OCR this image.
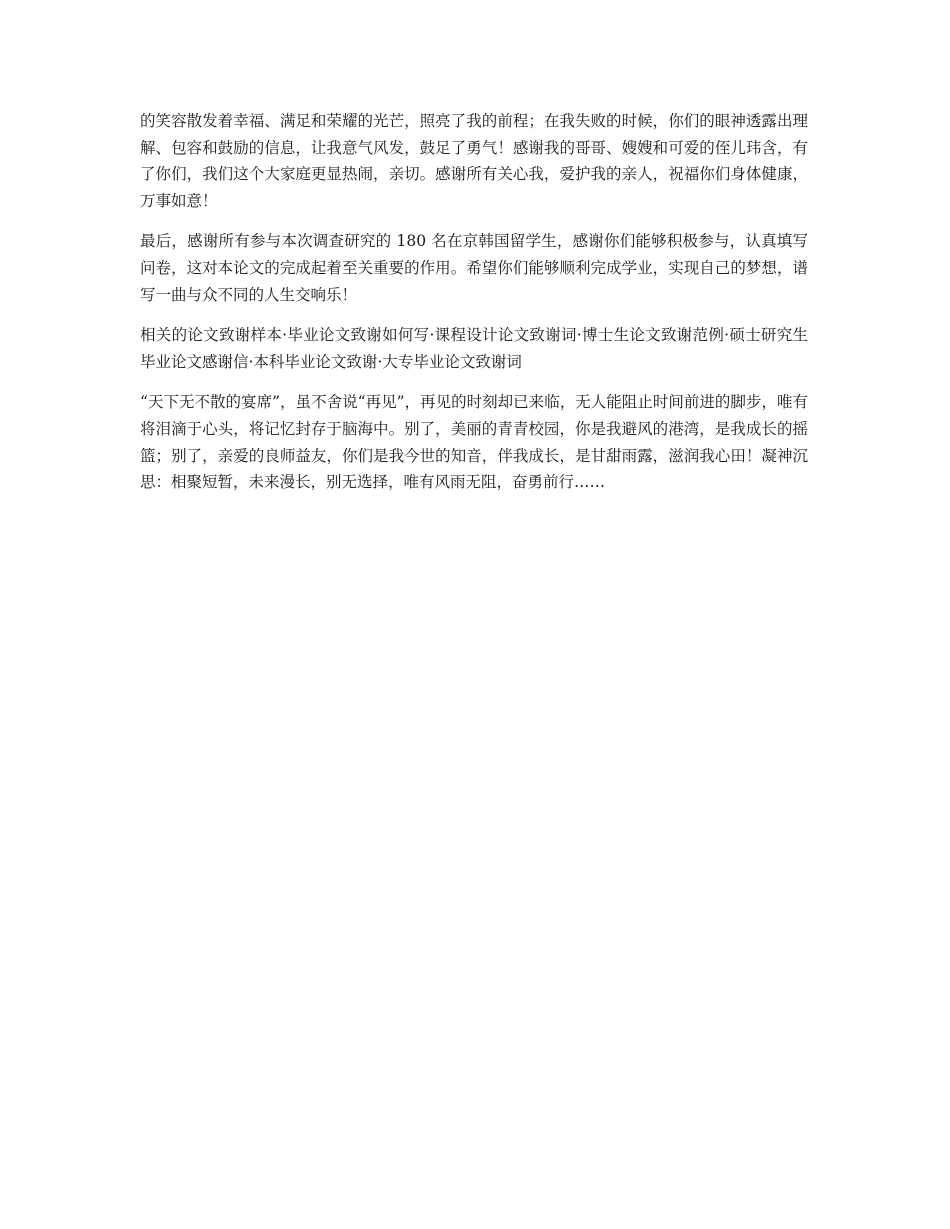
的笑容散发着幸福、满足和荣耀的光芒，照亮了我的前程；在我失败的时候，你们的眼神透露出理解、包容和鼓励的信息，让我意气风发，鼓足了勇气！感谢我的哥哥、嫂嫂和可爱的侄儿玮含，有了你们，我们这个大家庭更显热闹，亲切。感谢所有关心我，爱护我的亲人，祝福你们身体健康，万事如意！

最后，感谢所有参与本次调查研究的 180 名在京韩国留学生，感谢你们能够积极参与，认真填写问卷，这对本论文的完成起着至关重要的作用。希望你们能够顺利完成学业，实现自己的梦想，谱写一曲与众不同的人生交响乐！

相关的论文致谢样本·毕业论文致谢如何写·课程设计论文致谢词·博士生论文致谢范例·硕士研究生毕业论文感谢信·本科毕业论文致谢·大专毕业论文致谢词

“天下无不散的宴席”，虽不舍说“再见”，再见的时刻却已来临，无人能阻止时间前进的脚步，唯有将泪滴于心头，将记忆封存于脑海中。别了，美丽的青青校园，你是我避风的港湾，是我成长的摇篮；别了，亲爱的良师益友，你们是我今世的知音，伴我成长，是甘甜雨露，滋润我心田！凝神沉思：相聚短暂，未来漫长，别无选择，唯有风雨无阻，奋勇前行……
